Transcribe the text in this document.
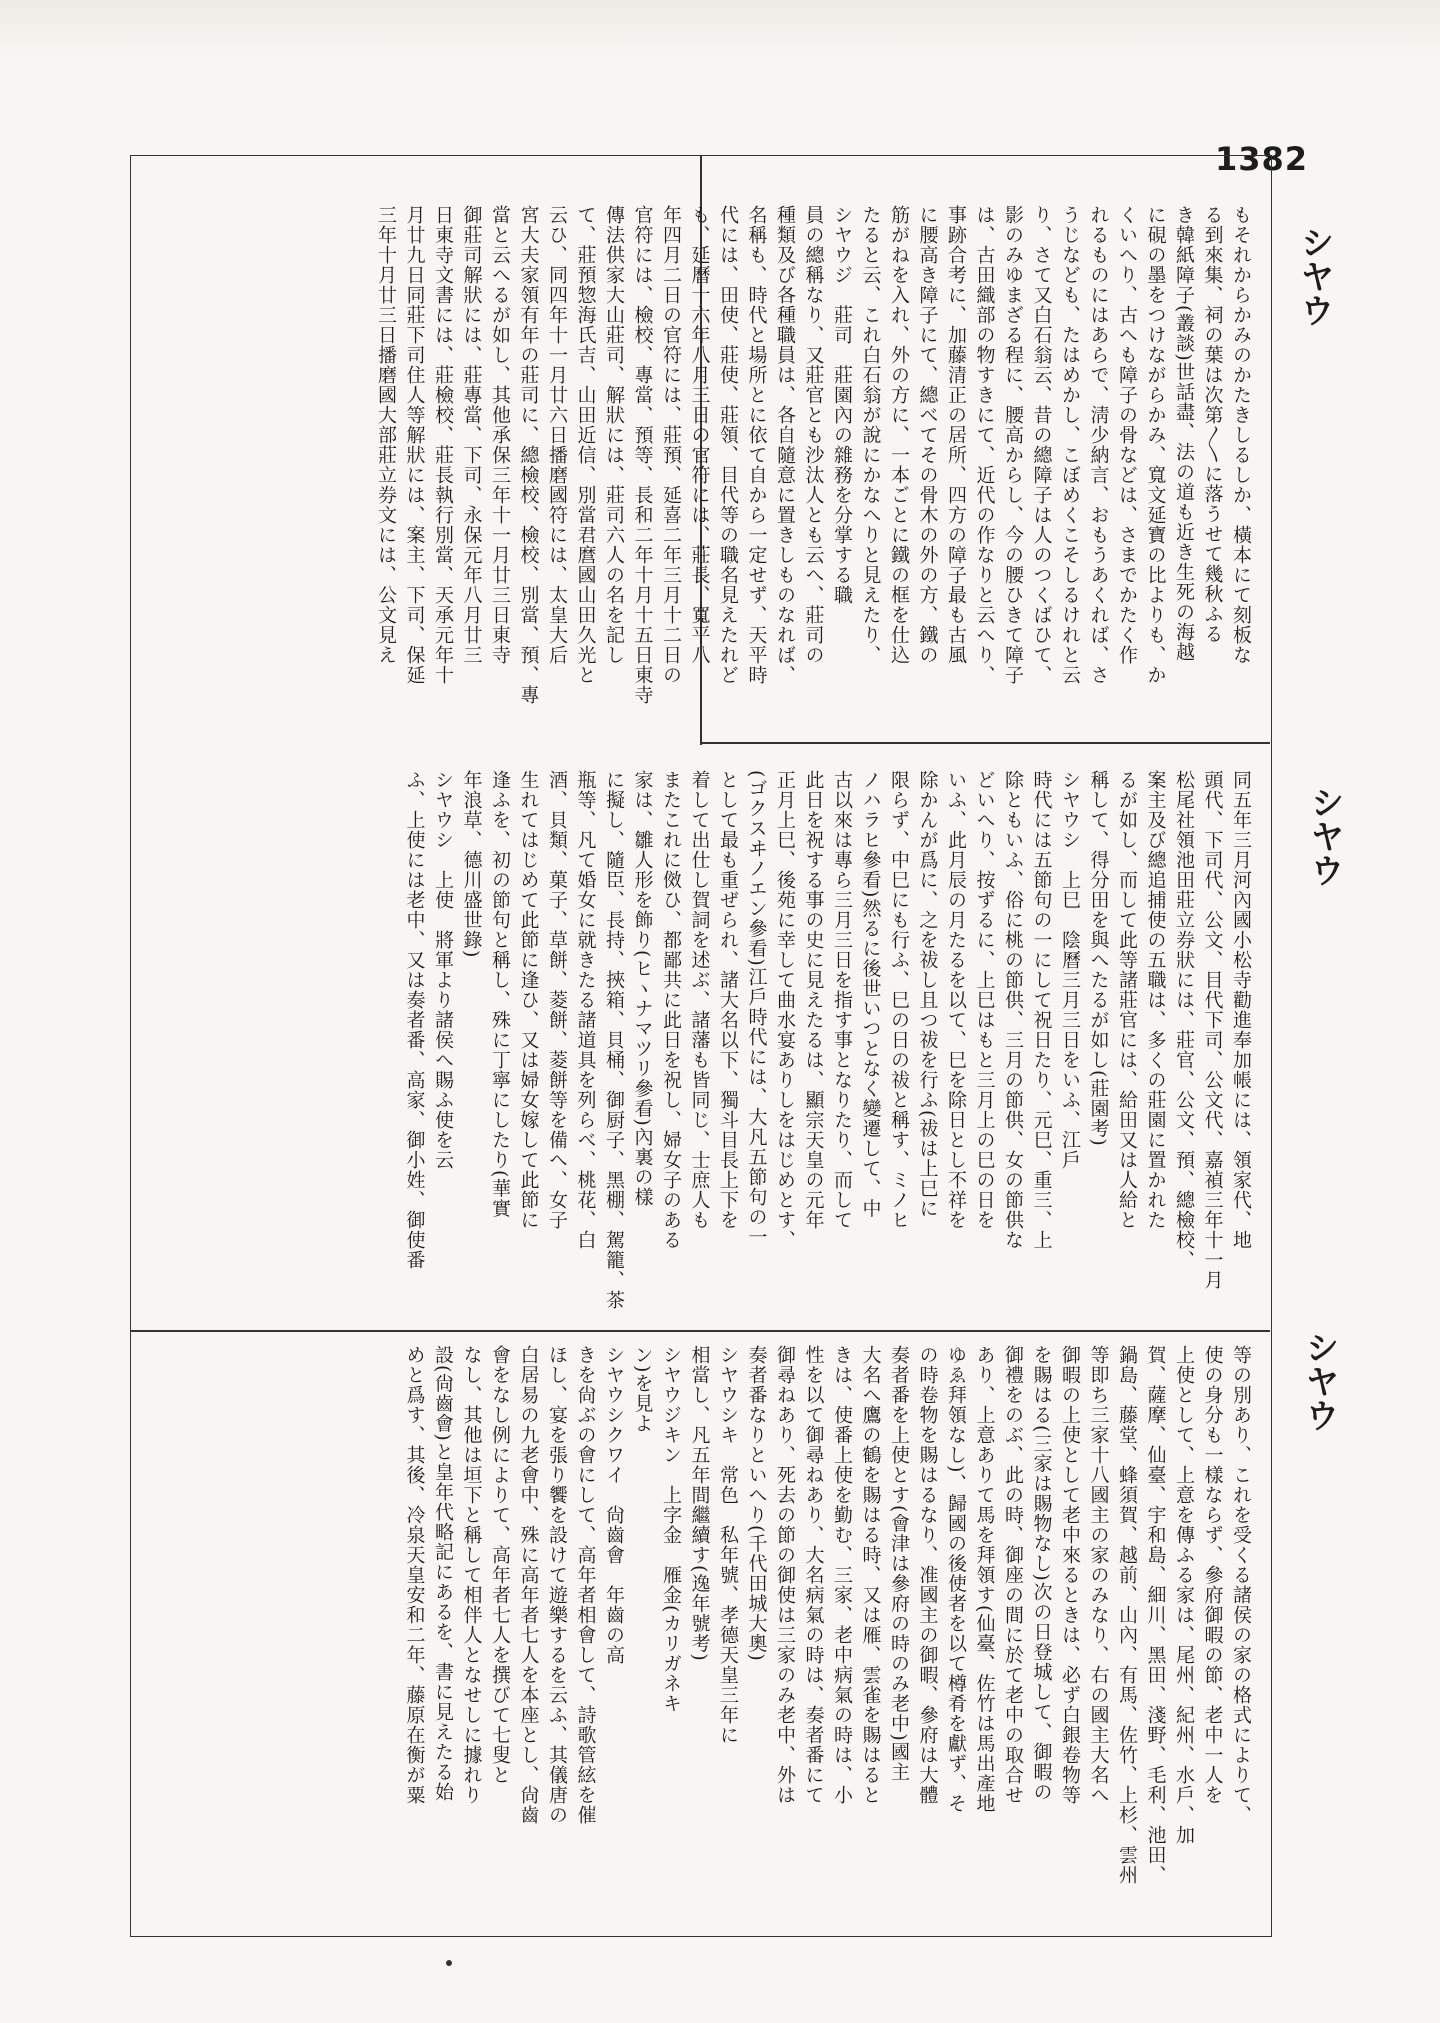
1382
シヤウ
シヤウ
シヤウ
もそれからかみのかたきしるしか、橫本にて刻板な
る到來集、祠の葉は次第〳〵に落うせて幾秋ふる
き韓紙障子(叢談)世話盡、法の道も近き生死の海越
に硯の墨をつけながらかみ、寬文延寶の比よりも、か
くいへり、古へも障子の骨などは、さまでかたく作
れるものにはあらで、淸少納言、おもうあくれば、さ
うじなども、たはめかし、こぼめくこそしるけれと云
り、さて又白石翁云、昔の總障子は人のつくばひて、
影のみゆまざる程に、腰高からし、今の腰ひきて障子
は、古田織部の物すきにて、近代の作なりと云へり、
事跡合考に、加藤清正の居所、四方の障子最も古風
に腰高き障子にて、總べてその骨木の外の方、鐵の
筋がねを入れ、外の方に、一本ごとに鐵の框を仕込
たると云、これ白石翁が說にかなへりと見えたり、
シヤウジ　莊司　莊園內の雜務を分掌する職
員の總稱なり、又莊官とも沙汰人とも云へ、莊司の
種類及び各種職員は、各自隨意に置きしものなれば、
名稱も、時代と場所とに依て自から一定せず、天平時
代には、田使、莊使、莊領、目代等の職名見えたれど
も、延曆十六年八月三日の官符には、莊長、寬平八
年四月二日の官符には、莊預、延喜二年三月十二日の
官符には、檢校、專當、預等、長和二年十月十五日東寺
傳法供家大山莊司、解狀には、莊司六人の名を記し
て、莊預惣海氏吉、山田近信、別當君麿國山田久光と
云ひ、同四年十一月廿六日播磨國符には、太皇大后
宮大夫家領有年の莊司に、總檢校、檢校、別當、預、專
當と云へるが如し、其他承保三年十一月廿三日東寺
御莊司解狀には、莊專當、下司、永保元年八月廿三
日東寺文書には、莊檢校、莊長執行別當、天承元年十
月廿九日同莊下司住人等解狀には、案主、下司、保延
三年十月廿三日播磨國大部莊立券文には、公文見え
同五年三月河內國小松寺勸進奉加帳には、領家代、地
頭代、下司代、公文、目代下司、公文代、嘉禎三年十一月
松尾社領池田莊立券狀には、莊官、公文、預、總檢校、
案主及び總追捕使の五職は、多くの莊園に置かれた
るが如し、而して此等諸莊官には、給田又は人給と
稱して、得分田を與へたるが如し(莊園考)
シヤウシ　上巳　陰曆三月三日をいふ、江戶
時代には五節句の一にして祝日たり、元巳、重三、上
除ともいふ、俗に桃の節供、三月の節供、女の節供な
どいへり、按ずるに、上巳はもと三月上の巳の日を
いふ、此月辰の月たるを以て、巳を除日とし不祥を
除かんが爲に、之を祓し且つ祓を行ふ(祓は上巳に
限らず、中巳にも行ふ、巳の日の祓と稱す、ミノヒ
ノハラヒ參看)然るに後世いつとなく變遷して、中
古以來は專ら三月三日を指す事となりたり、而して
此日を祝する事の史に見えたるは、顯宗天皇の元年
正月上巳、後苑に幸して曲水宴ありしをはじめとす、
(ゴクスヰノエン參看)江戶時代には、大凡五節句の一
として最も重ぜられ、諸大名以下、獨斗目長上下を
着して出仕し賀詞を述ぶ、諸藩も皆同じ、士庶人も
またこれに傚ひ、都鄙共に此日を祝し、婦女子のある
家は、雛人形を飾り(ヒヽナマツリ參看)內裏の樣
に擬し、隨臣、長持、挾箱、貝桶、御厨子、黑棚、駕籠、茶
瓶等、凡て婚女に就きたる諸道具を列らべ、桃花、白
酒、貝類、菓子、草餅、菱餅、菱餅等を備へ、女子
生れてはじめて此節に逢ひ、又は婦女嫁して此節に
逢ふを、初の節句と稱し、殊に丁寧にしたり(華實
年浪草、德川盛世錄)
シヤウシ　上使　將軍より諸侯へ賜ふ使を云
ふ、上使には老中、又は奏者番、高家、御小姓、御使番
等の別あり、これを受くる諸侯の家の格式によりて、
使の身分も一樣ならず、參府御暇の節、老中一人を
上使として、上意を傳ふる家は、尾州、紀州、水戶、加
賀、薩摩、仙臺、宇和島、細川、黑田、淺野、毛利、池田、
鍋島、藤堂、蜂須賀、越前、山內、有馬、佐竹、上杉、雲州
等即ち三家十八國主の家のみなり、右の國主大名へ
御暇の上使として老中來るときは、必ず白銀卷物等
を賜はる(三家は賜物なし)次の日登城して、御暇の
御禮をのぶ、此の時、御座の間に於て老中の取合せ
あり、上意ありて馬を拜領す(仙臺、佐竹は馬出產地
ゆゑ拜領なし)、歸國の後使者を以て樽肴を獻ず、そ
の時卷物を賜はるなり、准國主の御暇、參府は大體
奏者番を上使とす(會津は參府の時のみ老中)國主
大名へ鷹の鶴を賜はる時、又は雁、雲雀を賜はると
きは、使番上使を勤む、三家、老中病氣の時は、小
性を以て御尋ねあり、大名病氣の時は、奏者番にて
御尋ねあり、死去の節の御使は三家のみ老中、外は
奏者番なりといへり(千代田城大奧)
シヤウシキ　常色　私年號、孝德天皇三年に
相當し、凡五年間繼續す(逸年號考)
シヤウジキン　上字金　雁金(カリガネキ
ン)を見よ
シヤウシクワイ　尙齒會　年齒の高
きを尙ぶの會にして、高年者相會して、詩歌管絃を催
ほし、宴を張り饗を設けて遊樂するを云ふ、其儀唐の
白居易の九老會中、殊に高年者七人を本座とし、尙齒
會をなし例によりて、高年者七人を撰びて七叟と
なし、其他は垣下と稱して相伴人となせしに據れり
設(尙齒會)と皇年代略記にあるを、書に見えたる始
めと爲す、其後、冷泉天皇安和二年、藤原在衡が粟
